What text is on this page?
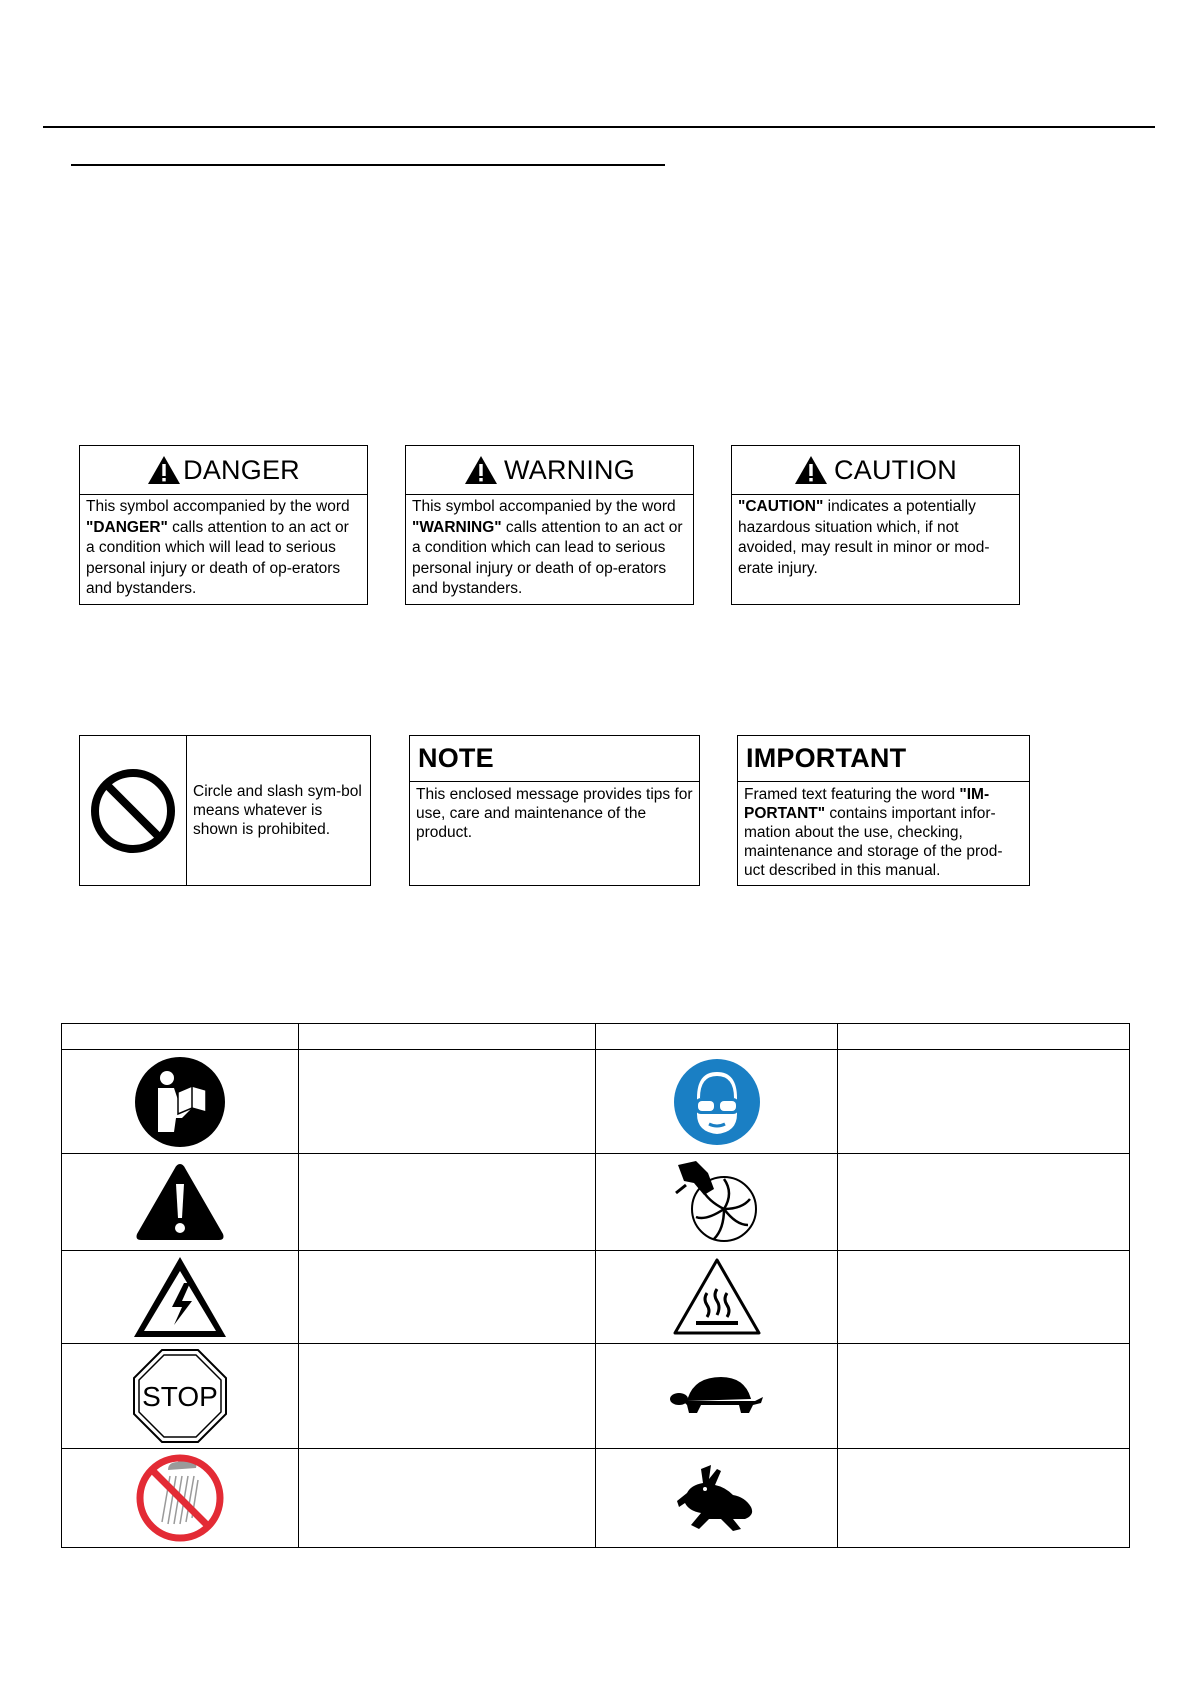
DANGER
This symbol accompanied by the word "DANGER" calls attention to an act or a condition which will lead to serious personal injury or death of op-erators and bystanders.
WARNING
This symbol accompanied by the word "WARNING" calls attention to an act or a condition which can lead to serious personal injury or death of op-erators and bystanders.
CAUTION
"CAUTION" indicates a potentially hazardous situation which, if not avoided, may result in minor or mod-erate injury.
Circle and slash sym-bol means whatever is shown is prohibited.
NOTE
This enclosed message provides tips for use, care and maintenance of the product.
IMPORTANT
Framed text featuring the word "IM-PORTANT" contains important infor-mation about the use, checking, maintenance and storage of the prod-uct described in this manual.

STOP
